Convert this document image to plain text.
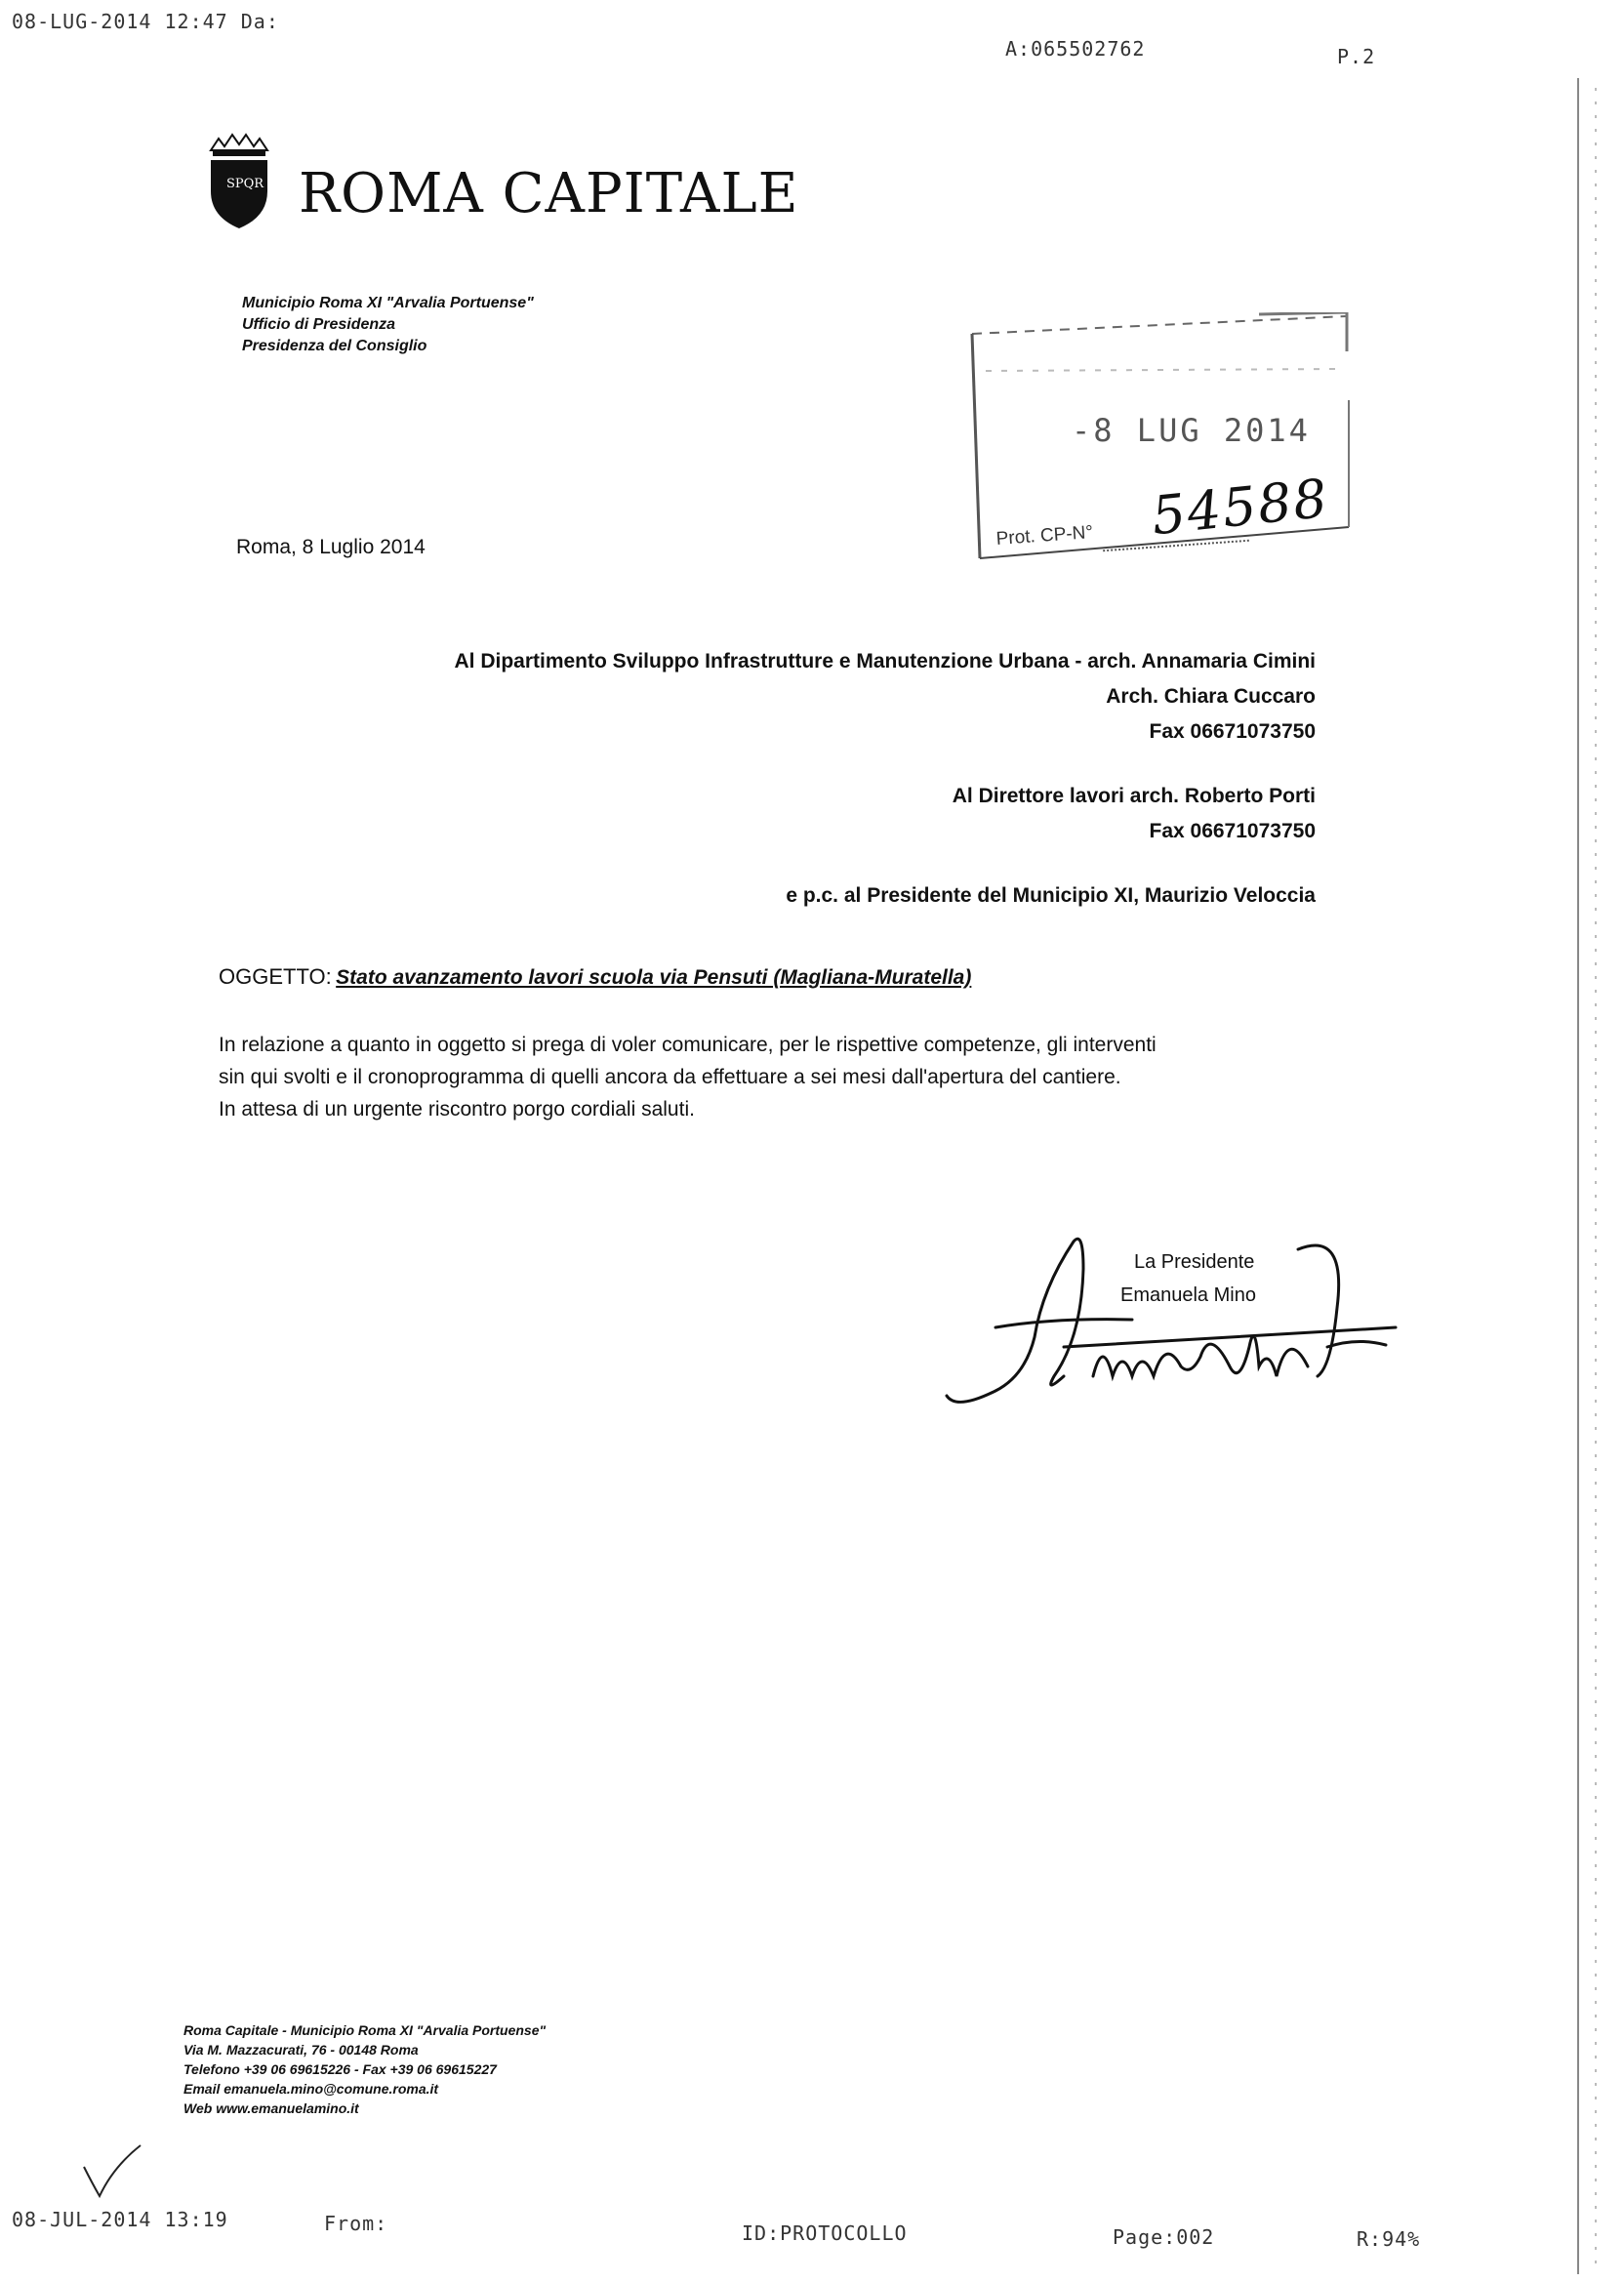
08-LUG-2014 12:47 Da:
A:065502762	P.2
SPQR ROMA CAPITALE
Municipio Roma XI "Arvalia Portuense"
Ufficio di Presidenza
Presidenza del Consiglio
-8 LUG 2014
Prot. CP-N° 54588
Roma, 8 Luglio 2014
Al Dipartimento Sviluppo Infrastrutture e Manutenzione Urbana - arch. Annamaria Cimini
Arch. Chiara Cuccaro
Fax 06671073750
Al Direttore lavori arch. Roberto Porti
Fax 06671073750
e p.c. al Presidente del Municipio XI, Maurizio Veloccia
OGGETTO: Stato avanzamento lavori scuola via Pensuti (Magliana-Muratella)
In relazione a quanto in oggetto si prega di voler comunicare, per le rispettive competenze, gli interventi
sin qui svolti e il cronoprogramma di quelli ancora da effettuare a sei mesi dall'apertura del cantiere.
In attesa di un urgente riscontro porgo cordiali saluti.
La Presidente
Emanuela Mino
Roma Capitale - Municipio Roma XI "Arvalia Portuense"
Via M. Mazzacurati, 76 - 00148 Roma
Telefono +39 06 69615226 - Fax +39 06 69615227
Email emanuela.mino@comune.roma.it
Web www.emanuelamino.it
08-JUL-2014 13:19	From:	ID:PROTOCOLLO	Page:002	R:94%
